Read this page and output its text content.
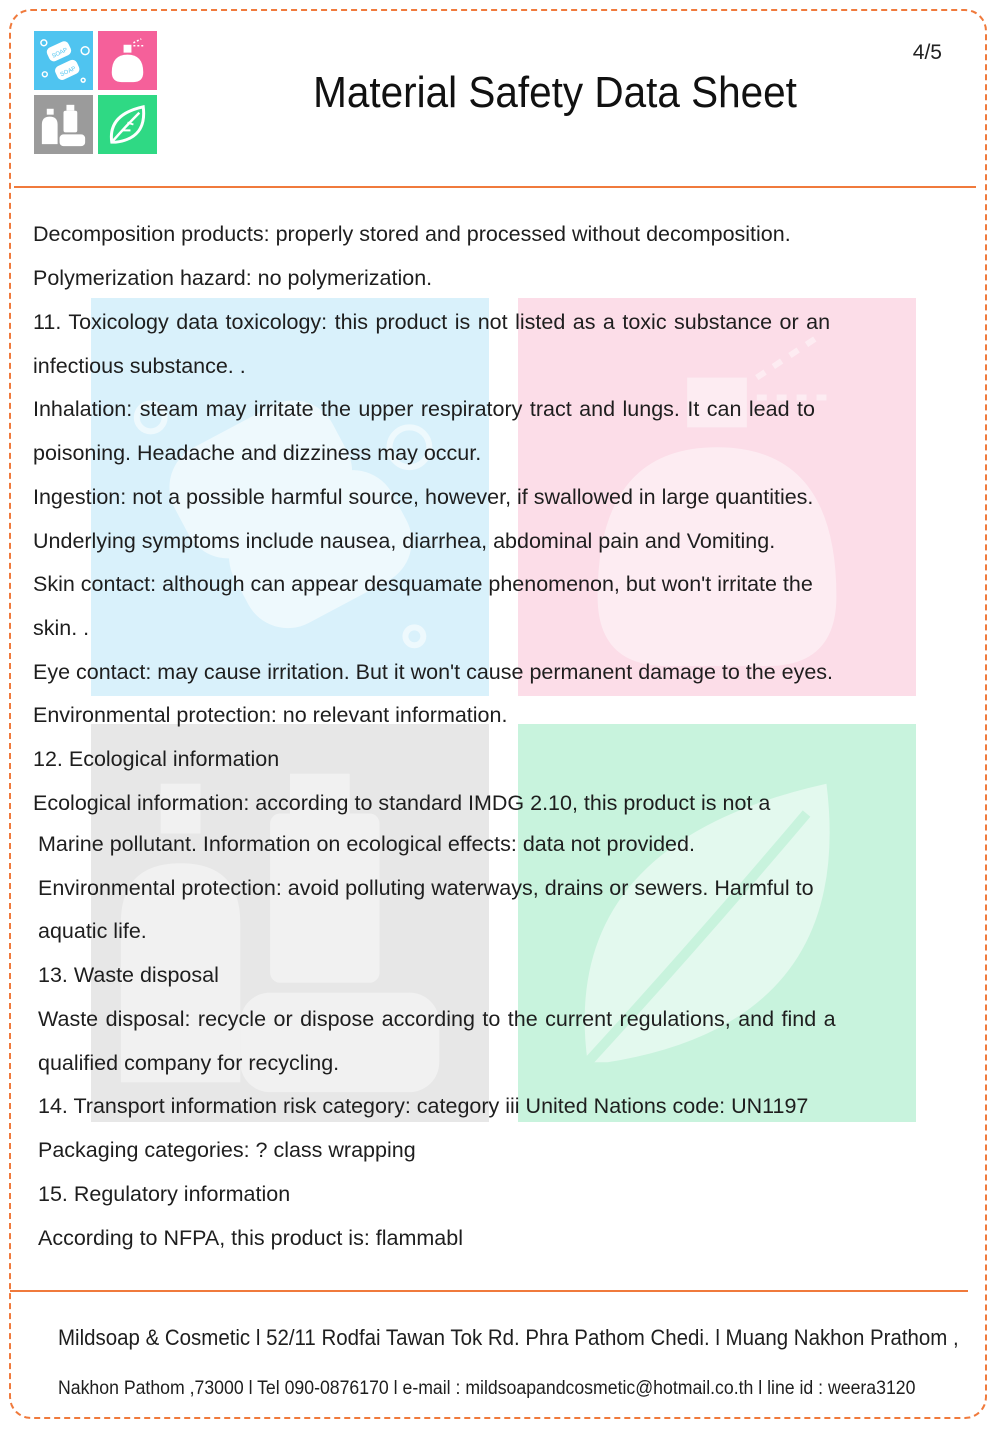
SOAP
SOAP	Material Safety Data Sheet
4/5
Decomposition products: properly stored and processed without decomposition.
Polymerization hazard: no polymerization.
11. Toxicology data toxicology: this product is not listed as a toxic substance or an
infectious substance. .
Inhalation: steam may irritate the upper respiratory tract and lungs. It can lead to
poisoning. Headache and dizziness may occur.
Ingestion: not a possible harmful source, however, if swallowed in large quantities.
Underlying symptoms include nausea, diarrhea, abdominal pain and Vomiting.
Skin contact: although can appear desquamate phenomenon, but won't irritate the
skin. .
Eye contact: may cause irritation. But it won't cause permanent damage to the eyes.
Environmental protection: no relevant information.
12. Ecological information
Ecological information: according to standard IMDG 2.10, this product is not a
Marine pollutant. Information on ecological effects: data not provided.
Environmental protection: avoid polluting waterways, drains or sewers. Harmful to
aquatic life.
13. Waste disposal
Waste disposal: recycle or dispose according to the current regulations, and find a
qualified company for recycling.
14. Transport information risk category: category iii United Nations code: UN1197
Packaging categories: ? class wrapping
15. Regulatory information
According to NFPA, this product is: flammabl
Mildsoap & Cosmetic l 52/11 Rodfai Tawan Tok Rd. Phra Pathom Chedi. l Muang Nakhon Prathom ,
Nakhon Pathom ,73000 l Tel 090-0876170 l e-mail : mildsoapandcosmetic@hotmail.co.th l line id : weera3120
